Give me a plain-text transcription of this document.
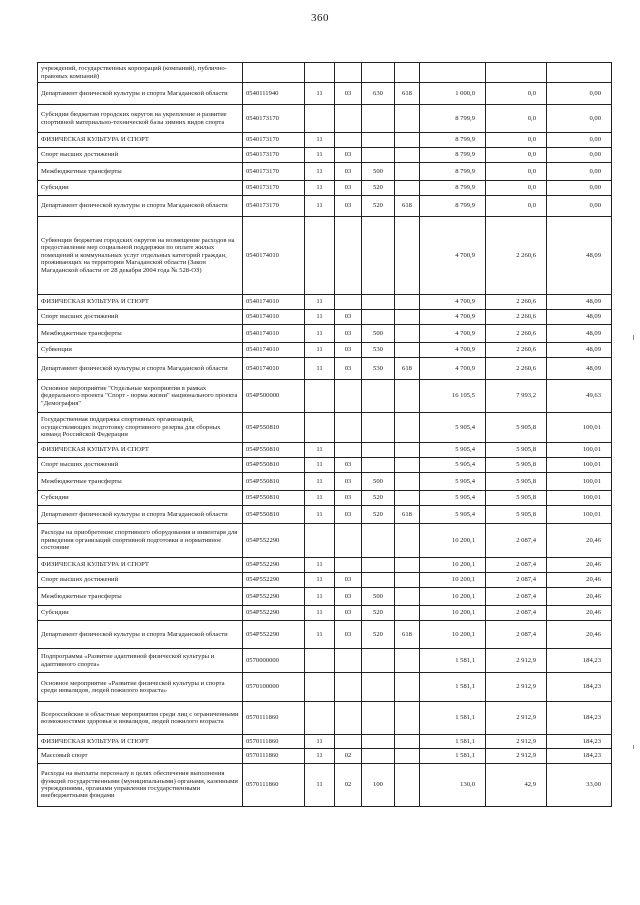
360
учреждений, государственных корпораций (компаний), публично-правовых компаний)								
Департамент физической культуры и спорта Магаданской области	0540111940	11	03	630	618	1 000,0	0,0	0,00
Субсидии бюджетам городских округов на укрепление и развитие спортивной материально-технической базы зимних видов спорта	0540173170					8 799,9	0,0	0,00
ФИЗИЧЕСКАЯ КУЛЬТУРА И СПОРТ	0540173170	11				8 799,9	0,0	0,00
Спорт высших достижений	0540173170	11	03			8 799,9	0,0	0,00
Межбюджетные трансферты	0540173170	11	03	500		8 799,9	0,0	0,00
Субсидии	0540173170	11	03	520		8 799,9	0,0	0,00
Департамент физической культуры и спорта Магаданской области	0540173170	11	03	520	618	8 799,9	0,0	0,00
Субвенции бюджетам городских округов на возмещение расходов на предоставление мер социальной поддержки по оплате жилых помещений и коммунальных услуг отдельных категорий граждан, проживающих на территории Магаданской области (Закон Магаданской области от 28 декабря 2004 года № 528-ОЗ)	0540174010					4 700,9	2 260,6	48,09
ФИЗИЧЕСКАЯ КУЛЬТУРА И СПОРТ	0540174010	11				4 700,9	2 260,6	48,09
Спорт высших достижений	0540174010	11	03			4 700,9	2 260,6	48,09
Межбюджетные трансферты	0540174010	11	03	500		4 700,9	2 260,6	48,09
Субвенции	0540174010	11	03	530		4 700,9	2 260,6	48,09
Департамент физической культуры и спорта Магаданской области	0540174010	11	03	530	618	4 700,9	2 260,6	48,09
Основное мероприятие "Отдельные мероприятия в рамках федерального проекта "Спорт - норма жизни" национального проекта "Демография"	054Р500000					16 105,5	7 993,2	49,63
Государственная поддержка спортивных организаций, осуществляющих подготовку спортивного резерва для сборных команд Российской Федерации	054Р550810					5 905,4	5 905,8	100,01
ФИЗИЧЕСКАЯ КУЛЬТУРА И СПОРТ	054Р550810	11				5 905,4	5 905,8	100,01
Спорт высших достижений	054Р550810	11	03			5 905,4	5 905,8	100,01
Межбюджетные трансферты	054Р550810	11	03	500		5 905,4	5 905,8	100,01
Субсидии	054Р550810	11	03	520		5 905,4	5 905,8	100,01
Департамент физической культуры и спорта Магаданской области	054Р550810	11	03	520	618	5 905,4	5 905,8	100,01
Расходы на приобретение спортивного оборудования и инвентаря для приведения организаций спортивной подготовки в нормативное состояние	054Р552290					10 200,1	2 087,4	20,46
ФИЗИЧЕСКАЯ КУЛЬТУРА И СПОРТ	054Р552290	11				10 200,1	2 087,4	20,46
Спорт высших достижений	054Р552290	11	03			10 200,1	2 087,4	20,46
Межбюджетные трансферты	054Р552290	11	03	500		10 200,1	2 087,4	20,46
Субсидии	054Р552290	11	03	520		10 200,1	2 087,4	20,46
Департамент физической культуры и спорта Магаданской области	054Р552290	11	03	520	618	10 200,1	2 087,4	20,46
Подпрограмма «Развитие адаптивной физической культуры и адаптивного спорта»	0570000000					1 581,1	2 912,9	184,23
Основное мероприятие «Развитие физической культуры и спорта среди инвалидов, людей пожилого возраста»	0570100000					1 581,1	2 912,9	184,23
Всероссийские и областные мероприятия среди лиц с ограниченными возможностями здоровья и инвалидов, людей пожилого возраста	0570111860					1 581,1	2 912,9	184,23
ФИЗИЧЕСКАЯ КУЛЬТУРА И СПОРТ	0570111860	11				1 581,1	2 912,9	184,23
Массовый спорт	0570111860	11	02			1 581,1	2 912,9	184,23
Расходы на выплаты персоналу в целях обеспечения выполнения функций государственными (муниципальными) органами, казенными учреждениями, органами управления государственными внебюджетными фондами	0570111860	11	02	100		130,0	42,9	33,00
